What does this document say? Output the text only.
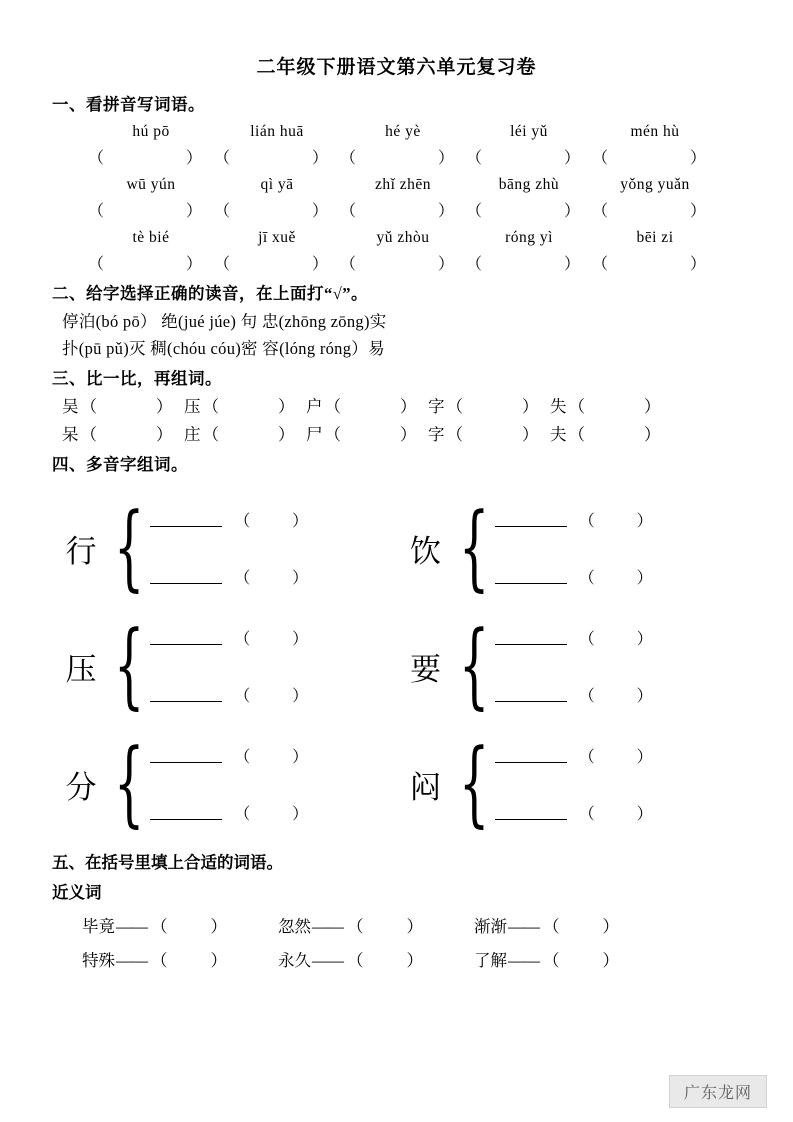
二年级下册语文第六单元复习卷
一、看拼音写词语。
hú pō	lián huā	hé yè	léi yǔ	mén hù
（	） （	） （	） （	） （	）
wū yún	qì yā	zhǐ zhēn	bāng zhù	yǒng yuǎn
（	） （	） （	） （	） （	）
tè bié	jī xuě	yǔ zhòu	róng yì	bēi zi
（	） （	） （	） （	） （	）
二、给字选择正确的读音，在上面打“√”。
停泊(bó pō） 绝(jué júe) 句 忠(zhōng zōng)实
扑(pū pǔ)灭 稠(chóu cóu)密 容(lóng róng）易
三、比一比，再组词。
吴 （	） 压 （	） 户 （	） 字 （	） 失 （	）
呆 （	） 庄 （	） 尸 （	） 字 （	） 夫 （	）
四、多音字组词。
行 {	（	）
（	）
饮 {	（	）
（	）
压 {	（	）
（	）
要 {	（	）
（	）
分 {	（	）
（	）
闷 {	（	）
（	）
五、在括号里填上合适的词语。
近义词
毕竟 —— （	）	忽然 —— （	）	渐渐 —— （	）
特殊 —— （	）	永久 —— （	）	了解 —— （	）
广东龙网
